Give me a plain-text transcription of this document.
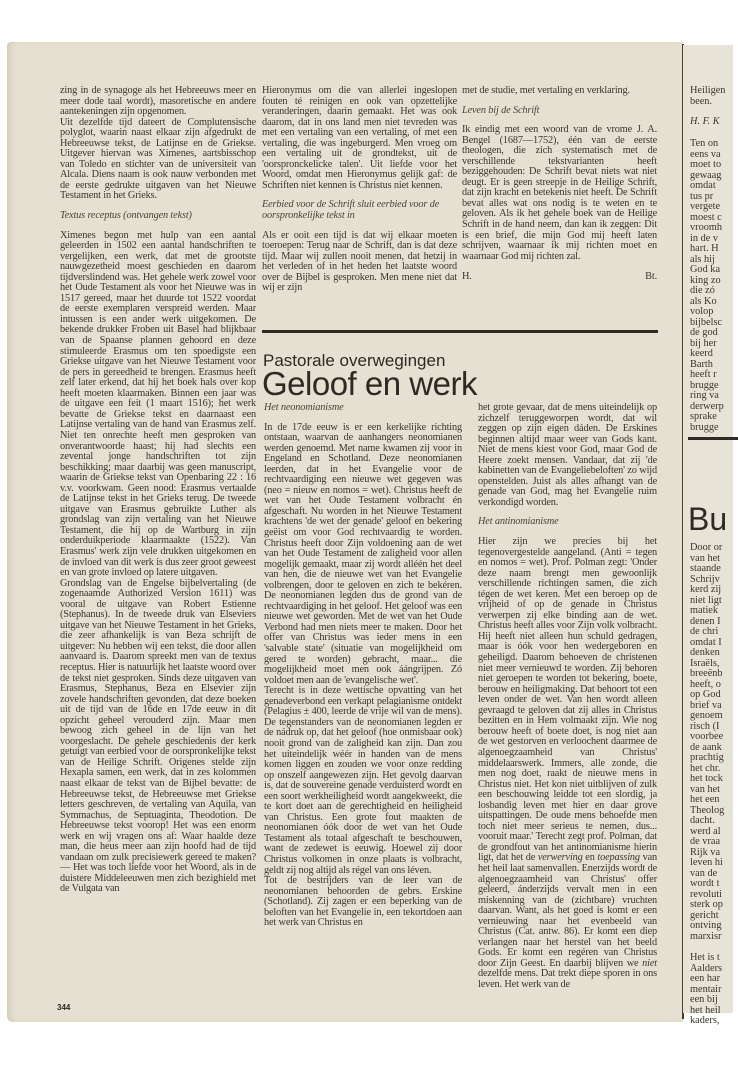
zing in de synagoge als het Hebreeuws meer en meer dode taal wordt), masoretische en andere aantekeningen zijn opgenomen.

Uit dezelfde tijd dateert de Complutensische polyglot, waarin naast elkaar zijn afgedrukt de Hebreeuwse tekst, de Latijnse en de Griekse. Uitgever hiervan was Ximenes, aartsbisschop van Toledo en stichter van de universiteit van Alcala. Diens naam is ook nauw verbonden met de eerste gedrukte uitgaven van het Nieuwe Testament in het Grieks.

Textus receptus (ontvangen tekst)

Ximenes begon met hulp van een aantal geleerden in 1502 een aantal handschriften te vergelijken, een werk, dat met de grootste nauwgezetheid moest geschieden en daarom tijdverslindend was. Het gehele werk zowel voor het Oude Testament als voor het Nieuwe was in 1517 gereed, maar het duurde tot 1522 voordat de eerste exemplaren verspreid werden. Maar intussen is een ander werk uitgekomen. De bekende drukker Froben uit Basel had blijkbaar van de Spaanse plannen gehoord en deze stimuleerde Erasmus om ten spoedigste een Griekse uitgave van het Nieuwe Testament voor de pers in gereedheid te brengen. Erasmus heeft zelf later erkend, dat hij het boek hals over kop heeft moeten klaarmaken. Binnen een jaar was de uitgave een feit (1 maart 1516); het werk bevatte de Griekse tekst en daarnaast een Latijnse vertaling van de hand van Erasmus zelf. Niet ten onrechte heeft men gesproken van onverantwoorde haast; hij had slechts een zevental jonge handschriften tot zijn beschikking; maar daarbij was geen manuscript, waarin de Griekse tekst van Openbaring 22 : 16 v.v. voorkwam. Geen nood: Erasmus vertaalde de Latijnse tekst in het Grieks terug. De tweede uitgave van Erasmus gebruikte Luther als grondslag van zijn vertaling van het Nieuwe Testament, die hij op de Wartburg in zijn onderduikperiode klaarmaakte (1522). Van Erasmus' werk zijn vele drukken uitgekomen en de invloed van dit werk is dus zeer groot geweest en van grote invloed op latere uitgaven.

Grondslag van de Engelse bijbelvertaling (de zogenaamde Authorized Version 1611) was vooral de uitgave van Robert Estienne (Stephanus). In de tweede druk van Elseviers uitgave van het Nieuwe Testament in het Grieks, die zeer afhankelijk is van Beza schrijft de uitgever: Nu hebben wij een tekst, die door allen aanvaard is. Daarom spreekt men van de textus receptus. Hier is natuurlijk het laatste woord over de tekst niet gesproken. Sinds deze uitgaven van Erasmus, Stephanus, Beza en Elsevier zijn zovele handschriften gevonden, dat deze boeken uit de tijd van de 16de en 17de eeuw in dit opzicht geheel verouderd zijn. Maar men bewoog zich geheel in de lijn van het voorgeslacht. De gehele geschiedenis der kerk getuigt van eerbied voor de oorspronkelijke tekst van de Heilige Schrift. Origenes stelde zijn Hexapla samen, een werk, dat in zes kolommen naast elkaar de tekst van de Bijbel bevatte: de Hebreeuwse tekst, de Hebreeuwse met Griekse letters geschreven, de vertaling van Aquila, van Symmachus, de Septuaginta, Theodotion. De Hebreeuwse tekst voorop! Het was een enorm werk en wij vragen ons af: Waar haalde deze man, die heus meer aan zijn hoofd had de tijd vandaan om zulk precisiewerk gereed te maken? — Het was toch liefde voor het Woord, als in de duistere Middeleeuwen men zich bezighield met de Vulgata van

Hieronymus om die van allerlei ingeslopen fouten té reinigen en ook van opzettelijke veranderingen, daarin gemaakt. Het was ook daarom, dat in ons land men niet tevreden was met een vertaling van een vertaling, of met een vertaling, die was ingeburgerd. Men vroeg om een vertaling uit de grondtekst, uit de 'oorspronckelicke talen'. Uit liefde voor het Woord, omdat men Hieronymus gelijk gaf: de Schriften niet kennen is Christus niet kennen.

Eerbied voor de Schrift sluit eerbied voor de oorspronkelijke tekst in

Als er ooit een tijd is dat wij elkaar moeten toeroepen: Terug naar de Schrift, dan is dat deze tijd. Maar wij zullen nooit menen, dat hetzij in het verleden of in het heden het laatste woord over de Bijbel is gesproken. Men mene niet dat wij er zijn

met de studie, met vertaling en verklaring.

Leven bij de Schrift

Ik eindig met een woord van de vrome J. A. Bengel (1687—1752), één van de eerste theologen, die zich systematisch met de verschillende tekstvarianten heeft beziggehouden: De Schrift bevat niets wat niet deugt. Er is geen streepje in de Heilige Schrift, dat zijn kracht en betekenis niet heeft. De Schrift bevat alles wat ons nodig is te weten en te geloven. Als ik het gehele boek van de Heilige Schrift in de hand neem, dan kan ik zeggen: Dit is een brief, die mijn God mij heeft laten schrijven, waarnaar ik mij richten moet en waarnaar God mij richten zal.

H.	Bt.
Pastorale overwegingen
Geloof en werk
Het neonomianisme

In de 17de eeuw is er een kerkelijke richting ontstaan, waarvan de aanhangers neonomianen werden genoemd. Met name kwamen zij voor in Engeland en Schotland. Deze neonomianen leerden, dat in het Evangelie voor de rechtvaardiging een nieuwe wet gegeven was (neo = nieuw en nomos = wet). Christus heeft de wet van het Oude Testament volbracht én afgeschaft. Nu worden in het Nieuwe Testament krachtens 'de wet der genade' geloof en bekering geëist om voor God rechtvaardig te worden. Christus heeft door Zijn voldoening aan de wet van het Oude Testament de zaligheid voor allen mogelijk gemaakt, maar zij wordt alléén het deel van hen, die de nieuwe wet van het Evangelie volbrengen, door te geloven en zich te bekéren. De neonomianen legden dus de grond van de rechtvaardiging in het geloof. Het geloof was een nieuwe wet geworden. Met de wet van het Oude Verbond had men niets meer te maken. Door het offer van Christus was ieder mens in een 'salvable state' (situatie van mogelijkheid om gered te worden) gebracht, maar... die mogelijkheid moet men ook áángrijpen. Zó voldoet men aan de 'evangelische wet'.

Terecht is in deze wettische opvatting van het genadeverbond een verkapt pelagianisme ontdekt (Pelagius ± 400, leerde de vrije wil van de mens). De tegenstanders van de neonomianen legden er de nádruk op, dat het geloof (hoe onmisbaar ook) nooit grond van de zaligheid kan zijn. Dan zou het uiteindelijk wéér in handen van de mens komen liggen en zouden we voor onze redding op onszelf aangewezen zijn. Het gevolg daarvan is, dat de souvereine genade verduisterd wordt en een soort werkheiligheid wordt aangekweekt, die te kort doet aan de gerechtigheid en heiligheid van Christus. Een grote fout maakten de neonomianen óók door de wet van het Oude Testament als totaal afgeschaft te beschouwen, want de zedewet is eeuwig. Hoewel zij door Christus volkomen in onze plaats is volbracht, geldt zij nog altijd als régel van ons léven.

Tot de bestrijders van de leer van de neonomianen behoorden de gebrs. Erskine (Schotland). Zij zagen er een beperking van de beloften van het Evangelie in, een tekortdoen aan het werk van Christus en

het grote gevaar, dat de mens uiteindelijk op zichzelf teruggeworpen wordt, dat wil zeggen op zijn eigen dáden. De Erskines beginnen altijd maar weer van Gods kant. Niet de mens kiest voor God, maar God de Heere zoekt mensen. Vandaar, dat zij 'de kabinetten van de Evangeliebeloften' zo wijd openstelden. Juist als alles afhangt van de genade van God, mag het Evangelie ruim verkondigd worden.

Het antinomianisme

Hier zijn we precies bij het tegenovergestelde aangeland. (Anti = tegen en nomos = wet). Prof. Polman zegt: 'Onder deze naam brengt men gewoonlijk verschillende richtingen samen, die zich tégen de wet keren. Met een beroep op de vrijheid of op de genade in Christus verwerpen zij elke binding aan de wet. Christus heeft alles voor Zijn volk volbracht. Hij heeft niet alleen hun schuld gedragen, maar is óók voor hen wedergeboren en geheiligd. Daarom behoeven de christenen niet meer vernieuwd te worden. Zij behoren niet geroepen te worden tot bekering, boete, berouw en heiligmaking. Dat behoort tot een leven onder de wet. Van hen wordt alleen gevraagd te geloven dat zij alles in Christus bezitten en in Hem volmaakt zijn. Wie nog berouw heeft of boete doet, is nog niet aan de wet gestorven en verloochent daarmee de algenoegzaamheid van Christus' middelaarswerk. Immers, alle zonde, die men nog doet, raakt de nieuwe mens in Christus niet. Het kon niet uitblijven of zulk een beschouwing leidde tot een slordig, ja losbandig leven met hier en daar grove uitspattingen. De oude mens behoefde men toch niet meer serieus te nemen, dus... vooruit maar.' Terecht zegt prof. Polman, dat de grondfout van het antinomianisme hierin ligt, dat het de verwerving en toepassing van het heil laat samenvallen. Enerzijds wordt de algenoegzaamheid van Christus' offer geleerd, ánderzijds vervalt men in een miskenning van de (zichtbare) vruchten daarvan. Want, als het goed is komt er een vernieuwing naar het evenbeeld van Christus (Cat. antw. 86). Er komt een diep verlangen naar het herstel van het beeld Gods. Er komt een regéren van Christus door Zijn Geest. En daarbij blijven we niet dezelfde mens. Dat trekt diepe sporen in ons leven. Het werk van de

344
Heiligen
been.
H. F. K
Ten on
eens va
moet to
gewaag
omdat
tus pr
vergete
moest c
vroomh
in de v
hart. H
als hij
God ka
king zo
die zó
als Ko
volop
bijbelsc
de god
bij her
keerd
Barth
heeft r
brugge
ring va
derwerp
sprake
brugge
Bu
Door or
van het
staande
Schrijv
kerd zij
niet ligt
matiek
denen I
de chri
omdat I
denken
Israëls,
breeënb
heeft, o
op God
brief va
genoem
risch (I
voorbee
de aank
prachtig
het chr.
het tock
van het
het een
Theolog
dacht.
werd al
de vraa
Rijk va
leven hi
van de
wordt t
revoluti
sterk op
gericht
ontving
marxisr
Het is t
Aalders
een har
mentair
een bij
het heil
kaders,
